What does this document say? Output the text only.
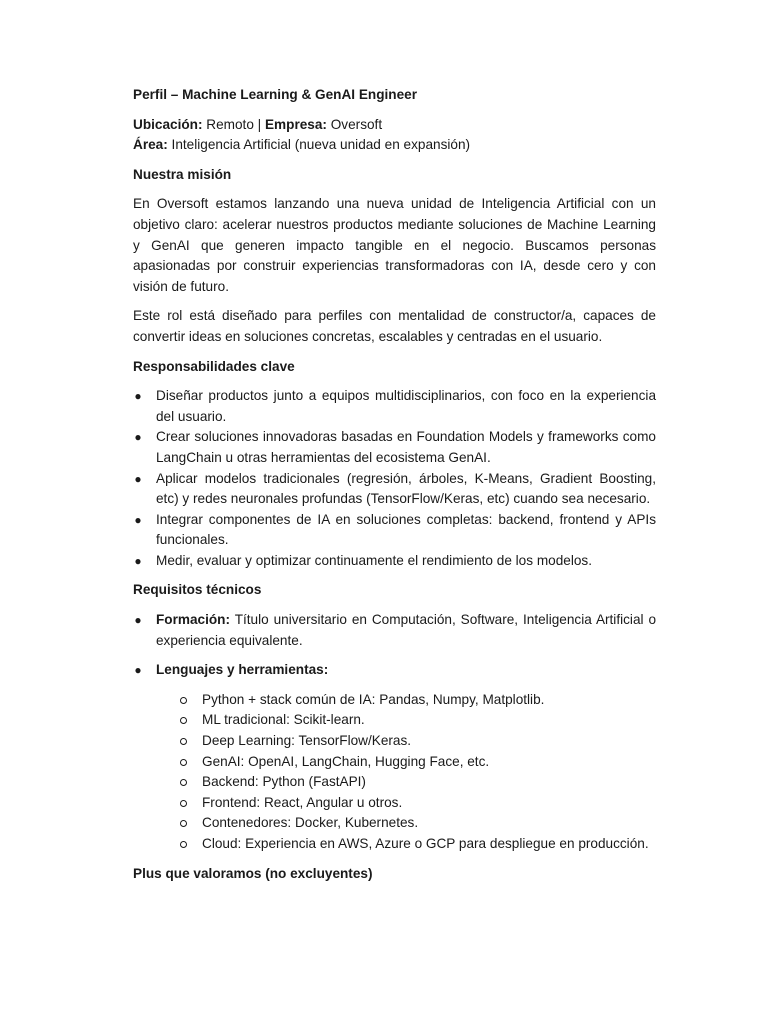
Perfil – Machine Learning & GenAI Engineer

Ubicación: Remoto | Empresa: Oversoft

Área: Inteligencia Artificial (nueva unidad en expansión)

Nuestra misión

En Oversoft estamos lanzando una nueva unidad de Inteligencia Artificial con un objetivo claro: acelerar nuestros productos mediante soluciones de Machine Learning y GenAI que generen impacto tangible en el negocio. Buscamos personas apasionadas por construir experiencias transformadoras con IA, desde cero y con visión de futuro.

Este rol está diseñado para perfiles con mentalidad de constructor/a, capaces de convertir ideas en soluciones concretas, escalables y centradas en el usuario.

Responsabilidades clave

● Diseñar productos junto a equipos multidisciplinarios, con foco en la experiencia del usuario.
● Crear soluciones innovadoras basadas en Foundation Models y frameworks como LangChain u otras herramientas del ecosistema GenAI.
● Aplicar modelos tradicionales (regresión, árboles, K-Means, Gradient Boosting, etc) y redes neuronales profundas (TensorFlow/Keras, etc) cuando sea necesario.
● Integrar componentes de IA en soluciones completas: backend, frontend y APIs funcionales.
● Medir, evaluar y optimizar continuamente el rendimiento de los modelos.

Requisitos técnicos

● Formación: Título universitario en Computación, Software, Inteligencia Artificial o experiencia equivalente.
● Lenguajes y herramientas:
Python + stack común de IA: Pandas, Numpy, Matplotlib.
ML tradicional: Scikit-learn.
Deep Learning: TensorFlow/Keras.
GenAI: OpenAI, LangChain, Hugging Face, etc.
Backend: Python (FastAPI)
Frontend: React, Angular u otros.
Contenedores: Docker, Kubernetes.
Cloud: Experiencia en AWS, Azure o GCP para despliegue en producción.

Plus que valoramos (no excluyentes)
